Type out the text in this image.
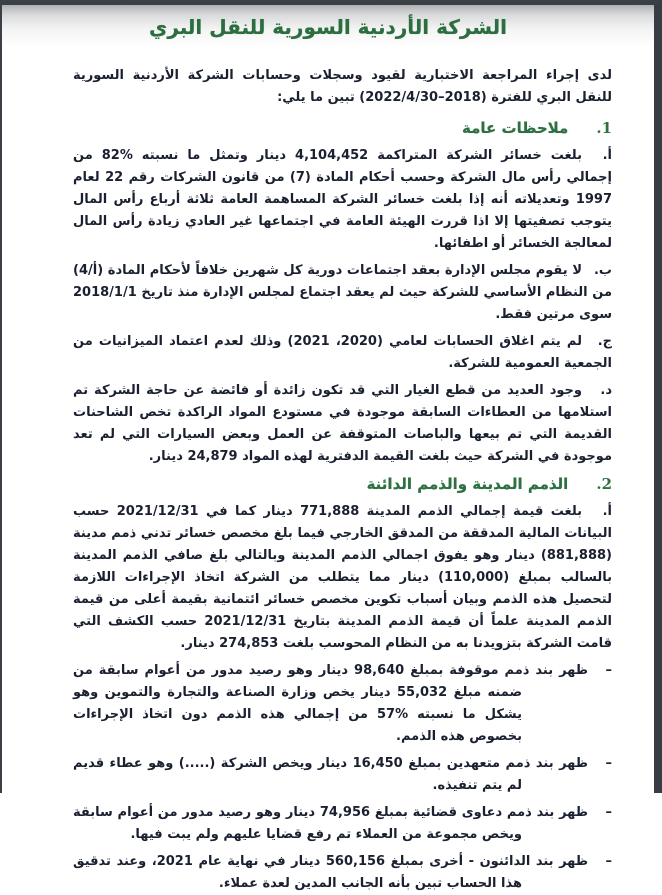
الشركة الأردنية السورية للنقل البري

لدى إجراء المراجعة الاختبارية لقيود وسجلات وحسابات الشركة الأردنية السورية للنقل البري للفترة (2018–2022/4/30) تبين ما يلي:

1.
ملاحظات عامة

أ.بلغت خسائر الشركة المتراكمة 4,104,452 دينار وتمثل ما نسبته %82 من إجمالي رأس مال الشركة وحسب أحكام المادة (7) من قانون الشركات رقم 22 لعام 1997 وتعديلاته أنه إذا بلغت خسائر الشركة المساهمة العامة ثلاثة أرباع رأس المال يتوجب تصفيتها إلا اذا قررت الهيئة العامة في اجتماعها غير العادي زيادة رأس المال لمعالجة الخسائر أو اطفائها.

ب.لا يقوم مجلس الإدارة بعقد اجتماعات دورية كل شهرين خلافاً لأحكام المادة (أ/4) من النظام الأساسي للشركة حيث لم يعقد اجتماع لمجلس الإدارة منذ تاريخ 2018/1/1 سوى مرتين فقط.

ج.لم يتم اغلاق الحسابات لعامي (2020، 2021) وذلك لعدم اعتماد الميزانيات من الجمعية العمومية للشركة.

د.وجود العديد من قطع الغيار التي قد تكون زائدة أو فائضة عن حاجة الشركة تم استلامها من العطاءات السابقة موجودة في مستودع المواد الراكدة تخص الشاحنات القديمة التي تم بيعها والباصات المتوقفة عن العمل وبعض السيارات التي لم تعد موجودة في الشركة حيث بلغت القيمة الدفترية لهذه المواد 24,879 دينار.

2.
الذمم المدينة والذمم الدائنة

أ.بلغت قيمة إجمالي الذمم المدينة 771,888 دينار كما في 2021/12/31 حسب البيانات المالية المدققة من المدقق الخارجي فيما بلغ مخصص خسائر تدني ذمم مدينة (881,888) دينار وهو يفوق اجمالي الذمم المدينة وبالتالي بلغ صافي الذمم المدينة بالسالب بمبلغ (110,000) دينار مما يتطلب من الشركة اتخاذ الإجراءات اللازمة لتحصيل هذه الذمم وبيان أسباب تكوين مخصص خسائر ائتمانية بقيمة أعلى من قيمة الذمم المدينة علماً أن قيمة الذمم المدينة بتاريخ 2021/12/31 حسب الكشف التي قامت الشركة بتزويدنا به من النظام المحوسب بلغت 274,853 دينار.

–ظهر بند ذمم موقوفة بمبلغ 98,640 دينار وهو رصيد مدور من أعوام سابقة من ضمنه مبلغ 55,032 دينار يخص وزارة الصناعة والتجارة والتموين وهو يشكل ما نسبته %57 من إجمالي هذه الذمم دون اتخاذ الإجراءات بخصوص هذه الذمم.

–ظهر بند ذمم متعهدين بمبلغ 16,450 دينار ويخص الشركة (.....) وهو عطاء قديم لم يتم تنفيذه.

–ظهر بند ذمم دعاوى قضائية بمبلغ 74,956 دينار وهو رصيد مدور من أعوام سابقة ويخص مجموعة من العملاء تم رفع قضايا عليهم ولم يبت فيها.

–ظهر بند الدائنون - أخرى بمبلغ 560,156 دينار في نهاية عام 2021، وعند تدقيق هذا الحساب تبين بأنه الجانب المدين لعدة عملاء.
